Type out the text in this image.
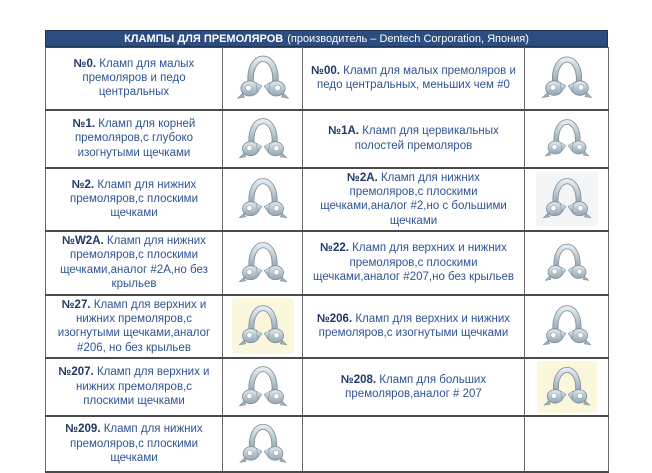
КЛАМПЫ ДЛЯ ПРЕМОЛЯРОВ (производитель – Dentech Corporation, Япония)
№0. Кламп для малых премоляров и педо центральных		№00. Кламп для малых премоляров и педо центральных, меньших чем #0	

№1. Кламп для корней премоляров,с глубоко изогнутыми щечками		№1А. Кламп для цервикальных полостей премоляров	

№2. Кламп для нижних премоляров,с плоскими щечками		№2А. Кламп для нижних премоляров,с плоскими щечками,аналог #2,но с большими щечками	

№W2А. Кламп для нижних премоляров,с плоскими щечками,аналог #2А,но без крыльев		№22. Кламп для верхних и нижних премоляров,с плоскими щечками,аналог #207,но без крыльев	

№27. Кламп для верхних и нижних премоляров,с изогнутыми щечками,аналог #206, но без крыльев		№206. Кламп для верхних и нижних премоляров,с изогнутыми щечками	

№207. Кламп для верхних и нижних премоляров,с плоскими щечками		№208. Кламп для больших премоляров,аналог # 207	

№209. Кламп для нижних премоляров,с плоскими щечками	
